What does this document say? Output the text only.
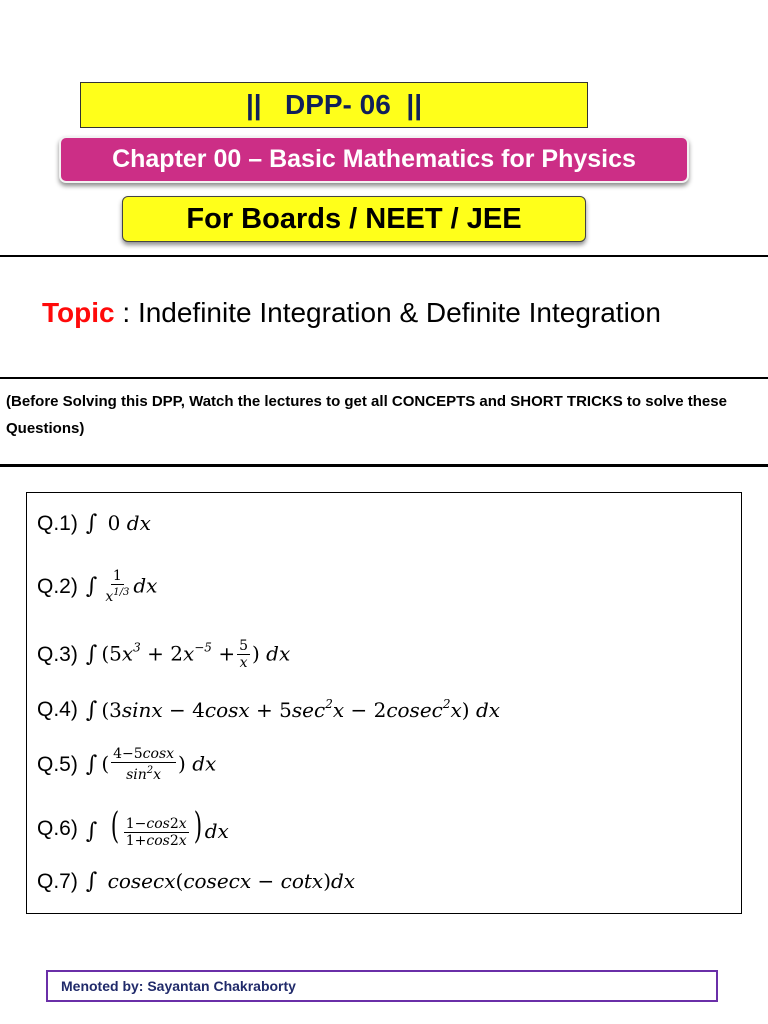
||   DPP- 06  ||
Chapter 00 – Basic Mathematics for Physics
For Boards / NEET / JEE
Topic : Indefinite Integration & Definite Integration
(Before Solving this DPP, Watch the lectures to get all CONCEPTS and SHORT TRICKS to solve these Questions)
Q.1) ∫ 0 dx
Q.2) ∫ $\frac{1}{x^{1/3}}$ dx
Q.3) ∫ ($5x^3 + 2x^{-5} + \frac{5}{x}$ ) dx
Q.4) ∫ $(3\sin x - 4\cos x + 5\sec^2x - 2cosec^2x)$ dx
Q.5) ∫ ( $\frac{4-5\cos x}{\sin^2x}$ ) dx
Q.6) ∫ ( $\frac{1-\cos 2x}{1+\cos 2x}$ ) dx
Q.7) ∫ cosecx(cosecx − cotx)dx
Menoted by: Sayantan Chakraborty
